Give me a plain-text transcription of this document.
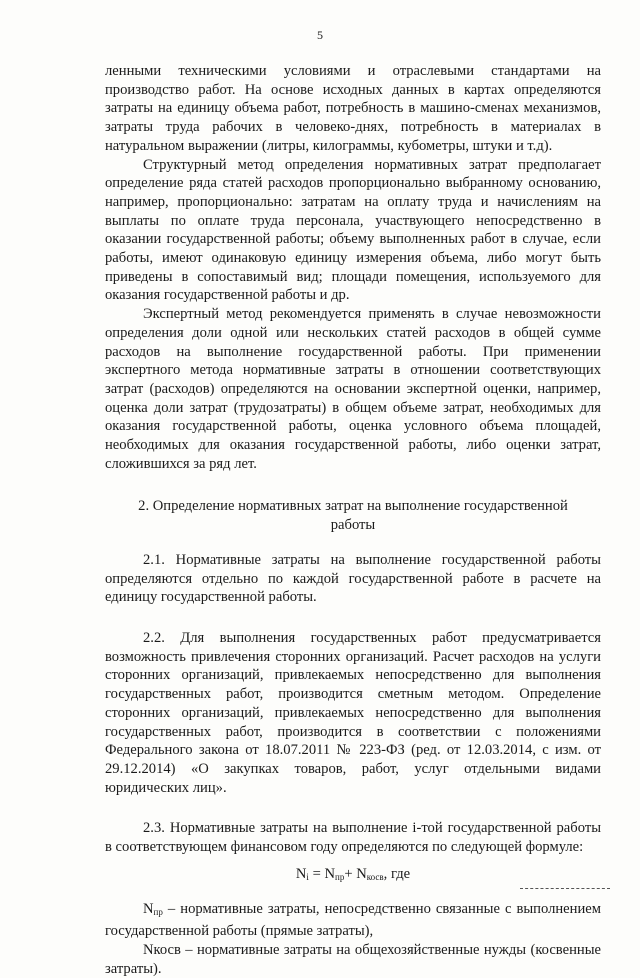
5

ленными техническими условиями и отраслевыми стандартами на производство работ. На основе исходных данных в картах определяются затраты на единицу объема работ, потребность в машино-сменах механизмов, затраты труда рабочих в человеко-днях, потребность в материалах в натуральном выражении (литры, килограммы, кубометры, штуки и т.д).

Структурный метод определения нормативных затрат предполагает определение ряда статей расходов пропорционально выбранному основанию, например, пропорционально: затратам на оплату труда и начислениям на выплаты по оплате труда персонала, участвующего непосредственно в оказании государственной работы; объему выполненных работ в случае, если работы, имеют одинаковую единицу измерения объема, либо могут быть приведены в сопоставимый вид; площади помещения, используемого для оказания государственной работы и др.

Экспертный метод рекомендуется применять в случае невозможности определения доли одной или нескольких статей расходов в общей сумме расходов на выполнение государственной работы. При применении экспертного метода нормативные затраты в отношении соответствующих затрат (расходов) определяются на основании экспертной оценки, например, оценка доли затрат (трудозатраты) в общем объеме затрат, необходимых для оказания государственной работы, оценка условного объема площадей, необходимых для оказания государственной работы, либо оценки затрат, сложившихся за ряд лет.

2. Определение нормативных затрат на выполнение государственной
работы

2.1. Нормативные затраты на выполнение государственной работы определяются отдельно по каждой государственной работе в расчете на единицу государственной работы.

2.2. Для выполнения государственных работ предусматривается возможность привлечения сторонних организаций. Расчет расходов на услуги сторонних организаций, привлекаемых непосредственно для выполнения государственных работ, производится сметным методом. Определение сторонних организаций, привлекаемых непосредственно для выполнения государственных работ, производится в соответствии с положениями Федерального закона от 18.07.2011 № 223-ФЗ (ред. от 12.03.2014, с изм. от 29.12.2014) «О закупках товаров, работ, услуг отдельными видами юридических лиц».

2.3. Нормативные затраты на выполнение i-той государственной работы в соответствующем финансовом году определяются по следующей формуле:

$N_i = N_{пр}+ N_{косв}$, где

$N_{пр}$ – нормативные затраты, непосредственно связанные с выполнением государственной работы (прямые затраты),

Nкосв – нормативные затраты на общехозяйственные нужды (косвенные затраты).
